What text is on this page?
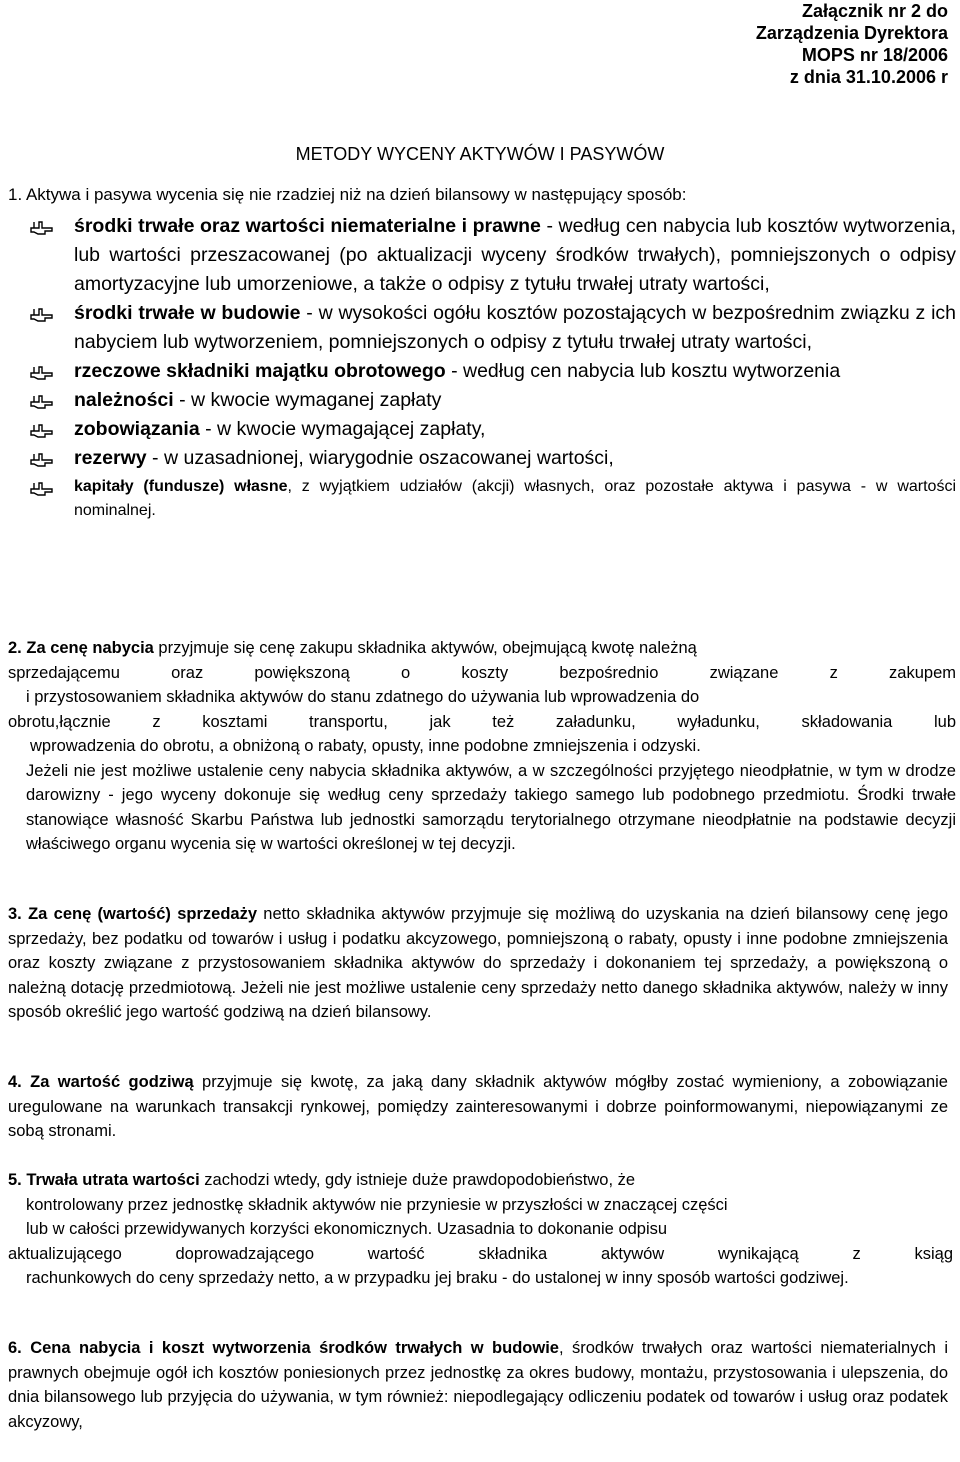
Załącznik nr 2 do
Zarządzenia Dyrektora
MOPS nr 18/2006
z dnia 31.10.2006 r
METODY WYCENY AKTYWÓW I PASYWÓW
1. Aktywa i pasywa wycenia się nie rzadziej niż na dzień bilansowy w następujący sposób:
środki trwałe oraz wartości niematerialne i prawne - według cen nabycia lub kosztów wytworzenia, lub wartości przeszacowanej (po aktualizacji wyceny środków trwałych), pomniejszonych o odpisy amortyzacyjne lub umorzeniowe, a także o odpisy z tytułu trwałej utraty wartości,
środki trwałe w budowie - w wysokości ogółu kosztów pozostających w bezpośrednim związku z ich nabyciem lub wytworzeniem, pomniejszonych o odpisy z tytułu trwałej utraty wartości,
rzeczowe składniki majątku obrotowego - według cen nabycia lub kosztu wytworzenia
należności - w kwocie wymaganej zapłaty
zobowiązania - w kwocie wymagającej zapłaty,
rezerwy - w uzasadnionej, wiarygodnie oszacowanej wartości,
kapitały (fundusze) własne, z wyjątkiem udziałów (akcji) własnych, oraz pozostałe aktywa i pasywa - w wartości nominalnej.
2. Za cenę nabycia przyjmuje się cenę zakupu składnika aktywów, obejmującą kwotę należną
sprzedającemu oraz powiększoną o koszty bezpośrednio związane z zakupem
i przystosowaniem składnika aktywów do stanu zdatnego do używania lub wprowadzenia do
obrotu,łącznie z kosztami transportu, jak też załadunku, wyładunku, składowania lub
wprowadzenia do obrotu, a obniżoną o rabaty, opusty, inne podobne zmniejszenia i odzyski.
Jeżeli nie jest możliwe ustalenie ceny nabycia składnika aktywów, a w szczególności przyjętego nieodpłatnie, w tym w drodze darowizny - jego wyceny dokonuje się według ceny sprzedaży takiego samego lub podobnego przedmiotu. Środki trwałe stanowiące własność Skarbu Państwa lub jednostki samorządu terytorialnego otrzymane nieodpłatnie na podstawie decyzji właściwego organu wycenia się w wartości określonej w tej decyzji.
3. Za cenę (wartość) sprzedaży netto składnika aktywów przyjmuje się możliwą do uzyskania na dzień bilansowy cenę jego sprzedaży, bez podatku od towarów i usług i podatku akcyzowego, pomniejszoną o rabaty, opusty i inne podobne zmniejszenia oraz koszty związane z przystosowaniem składnika aktywów do sprzedaży i dokonaniem tej sprzedaży, a powiększoną o należną dotację przedmiotową. Jeżeli nie jest możliwe ustalenie ceny sprzedaży netto danego składnika aktywów, należy w inny sposób określić jego wartość godziwą na dzień bilansowy.
4. Za wartość godziwą przyjmuje się kwotę, za jaką dany składnik aktywów mógłby zostać wymieniony, a zobowiązanie uregulowane na warunkach transakcji rynkowej, pomiędzy zainteresowanymi i dobrze poinformowanymi, niepowiązanymi ze sobą stronami.
5. Trwała utrata wartości zachodzi wtedy, gdy istnieje duże prawdopodobieństwo, że
kontrolowany przez jednostkę składnik aktywów nie przyniesie w przyszłości w znaczącej części
lub w całości przewidywanych korzyści ekonomicznych. Uzasadnia to dokonanie odpisu
aktualizującego doprowadzającego wartość składnika aktywów wynikającą z ksiąg
rachunkowych do ceny sprzedaży netto, a w przypadku jej braku - do ustalonej w inny sposób wartości godziwej.
6. Cena nabycia i koszt wytworzenia środków trwałych w budowie, środków trwałych oraz wartości niematerialnych i prawnych obejmuje ogół ich kosztów poniesionych przez jednostkę za okres budowy, montażu, przystosowania i ulepszenia, do dnia bilansowego lub przyjęcia do używania, w tym również: niepodlegający odliczeniu podatek od towarów i usług oraz podatek akcyzowy,
